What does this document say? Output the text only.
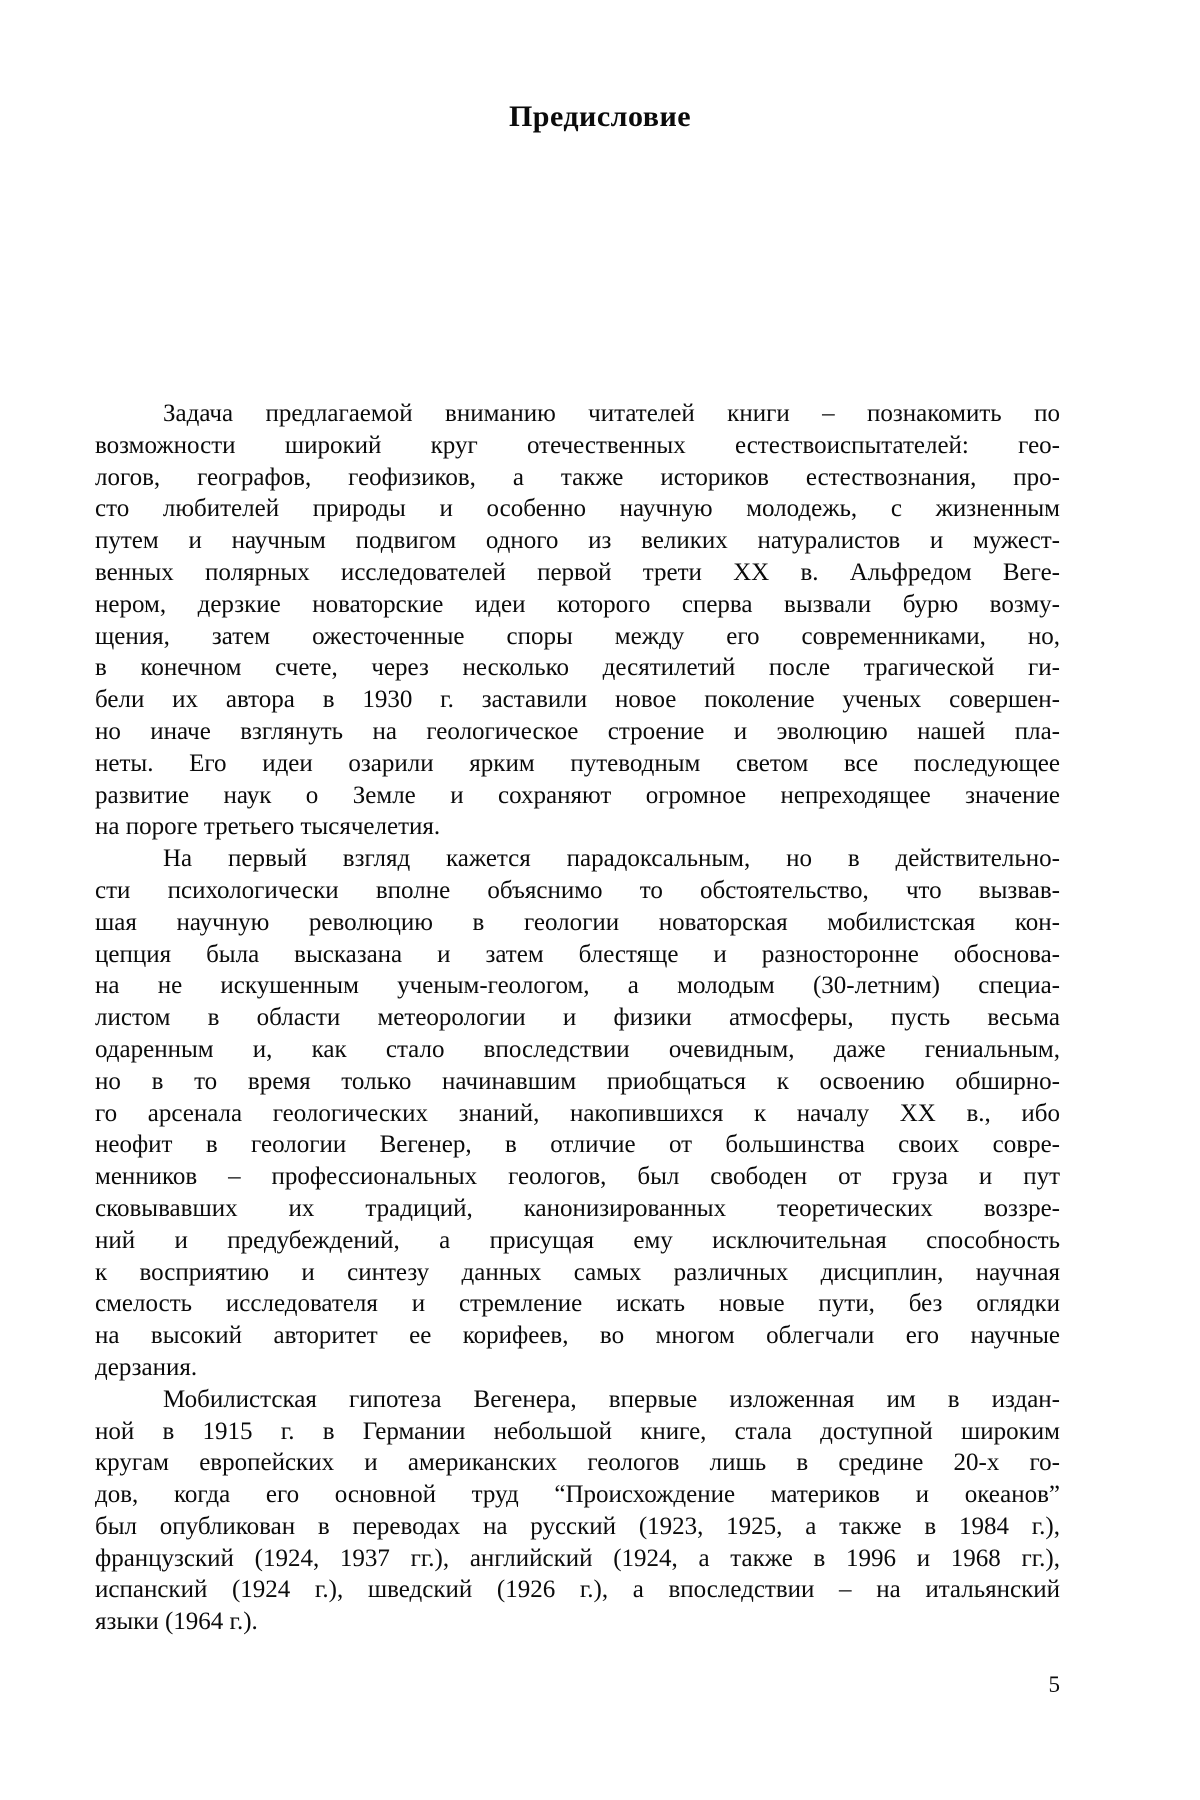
Предисловие
Задача предлагаемой вниманию читателей книги – познакомить по
возможности широкий круг отечественных естествоиспытателей: гео-
логов, географов, геофизиков, а также историков естествознания, про-
сто любителей природы и особенно научную молодежь, с жизненным
путем и научным подвигом одного из великих натуралистов и мужест-
венных полярных исследователей первой трети XX в. Альфредом Веге-
нером, дерзкие новаторские идеи которого сперва вызвали бурю возму-
щения, затем ожесточенные споры между его современниками, но,
в конечном счете, через несколько десятилетий после трагической ги-
бели их автора в 1930 г. заставили новое поколение ученых совершен-
но иначе взглянуть на геологическое строение и эволюцию нашей пла-
неты. Его идеи озарили ярким путеводным светом все последующее
развитие наук о Земле и сохраняют огромное непреходящее значение
на пороге третьего тысячелетия.
На первый взгляд кажется парадоксальным, но в действительно-
сти психологически вполне объяснимо то обстоятельство, что вызвав-
шая научную революцию в геологии новаторская мобилистская кон-
цепция была высказана и затем блестяще и разносторонне обоснова-
на не искушенным ученым-геологом, а молодым (30-летним) специа-
листом в области метеорологии и физики атмосферы, пусть весьма
одаренным и, как стало впоследствии очевидным, даже гениальным,
но в то время только начинавшим приобщаться к освоению обширно-
го арсенала геологических знаний, накопившихся к началу XX в., ибо
неофит в геологии Вегенер, в отличие от большинства своих совре-
менников – профессиональных геологов, был свободен от груза и пут
сковывавших их традиций, канонизированных теоретических воззре-
ний и предубеждений, а присущая ему исключительная способность
к восприятию и синтезу данных самых различных дисциплин, научная
смелость исследователя и стремление искать новые пути, без оглядки
на высокий авторитет ее корифеев, во многом облегчали его научные
дерзания.
Мобилистская гипотеза Вегенера, впервые изложенная им в издан-
ной в 1915 г. в Германии небольшой книге, стала доступной широким
кругам европейских и американских геологов лишь в средине 20-х го-
дов, когда его основной труд “Происхождение материков и океанов”
был опубликован в переводах на русский (1923, 1925, а также в 1984 г.),
французский (1924, 1937 гг.), английский (1924, а также в 1996 и 1968 гг.),
испанский (1924 г.), шведский (1926 г.), а впоследствии – на итальянский
языки (1964 г.).
5
